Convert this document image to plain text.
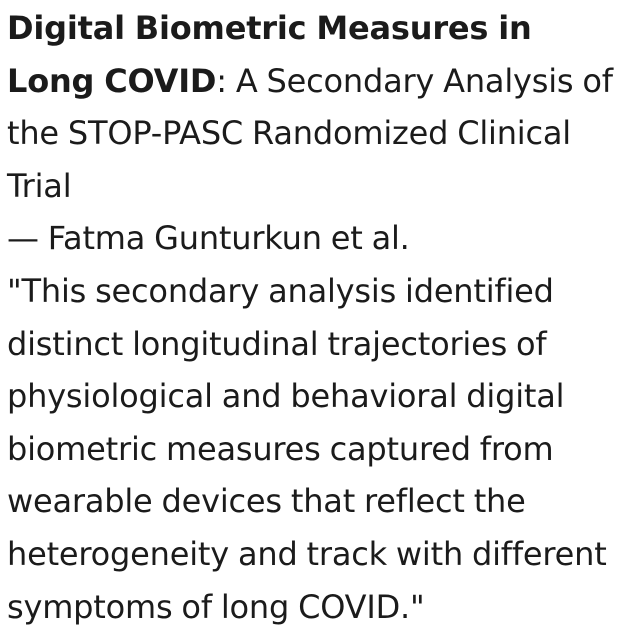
Digital Biometric Measures in Long COVID: A Secondary Analysis of the STOP-PASC Randomized Clinical Trial

— Fatma Gunturkun et al.

"This secondary analysis identified distinct longitudinal trajectories of physiological and behavioral digital biometric measures captured from wearable devices that reflect the heterogeneity and track with different symptoms of long COVID."
